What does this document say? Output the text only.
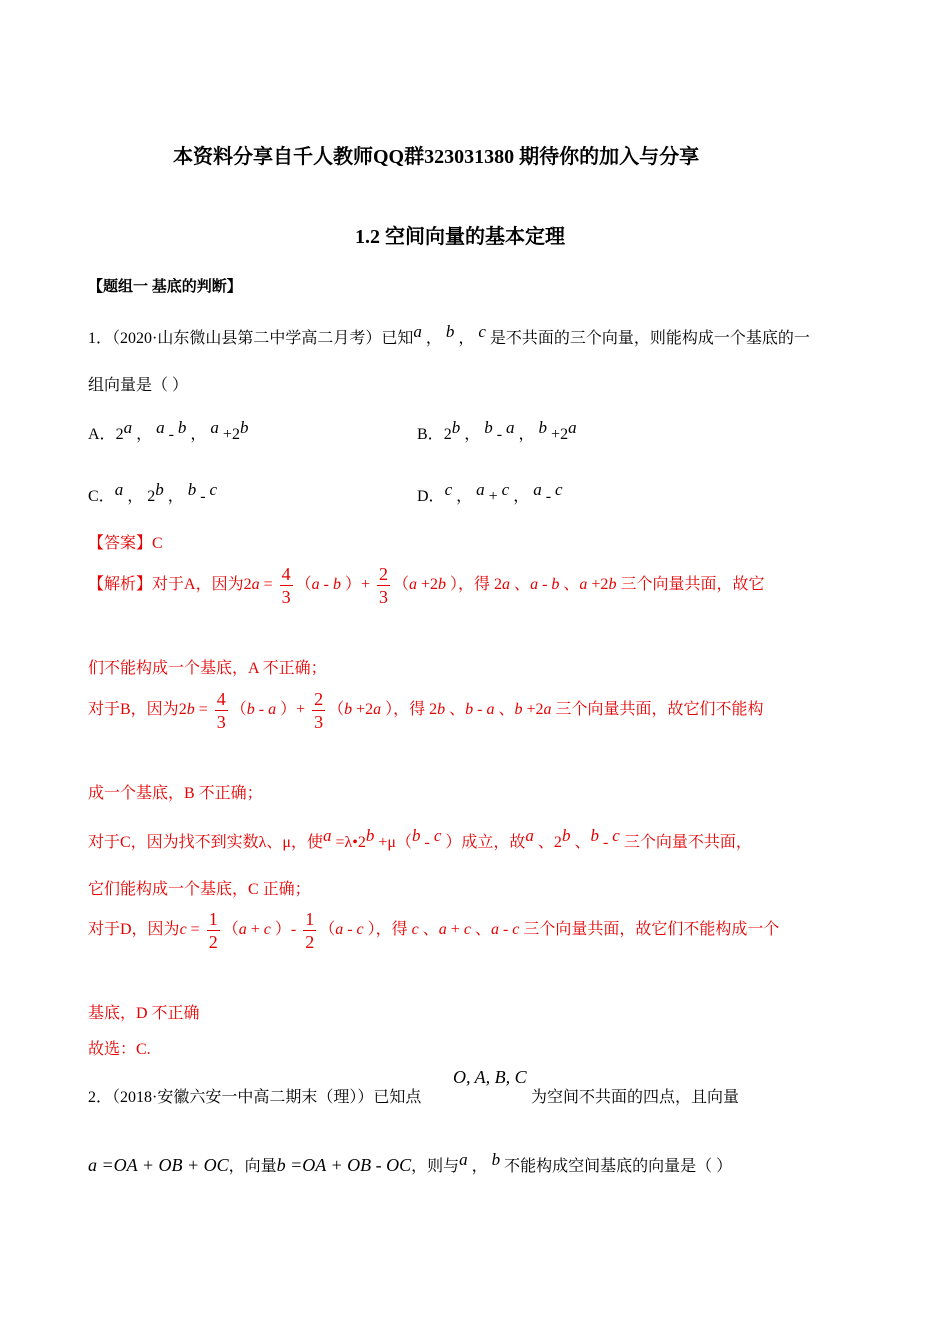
本资料分享自千人教师QQ群323031380 期待你的加入与分享
1.2 空间向量的基本定理
【题组一 基底的判断】
1．（2020·山东微山县第二中学高二月考）已知a ， b ， c 是不共面的三个向量，则能构成一个基底的一
组向量是（ ）
A．2a ， a - b ， a +2b	B．2b ， b - a ， b +2a
C．a ， 2b ， b - c	D．c ， a + c ， a - c
【答案】C
【解析】对于A，因为$2a = \frac{4}{3} (a - b$ ）+ $\frac{2}{3} (a +2b$ ），得 2a 、a - b 、a +2b 三个向量共面，故它
们不能构成一个基底，A 不正确；
对于B，因为$2b = \frac{4}{3} (b - a$ ）+ $\frac{2}{3} (b +2a$ ），得 2b 、b - a 、b +2a 三个向量共面，故它们不能构
成一个基底，B 不正确；
对于C，因为找不到实数λ、μ，使a =λ•2b +μ（b - c ）成立，故a 、2b 、b - c 三个向量不共面，
它们能构成一个基底，C 正确；
对于D，因为$c = \frac{1}{2} (a + c$ ）- $\frac{1}{2} (a$ - c ），得 c 、a + c 、a - c 三个向量共面，故它们不能构成一个
基底，D 不正确
故选：C.
2．（2018·安徽六安一中高二期末（理））已知点
O, A, B, C
为空间不共面的四点，且向量
a =OA + OB + OC，向量b =OA + OB - OC，则与a ， b 不能构成空间基底的向量是（ ）
